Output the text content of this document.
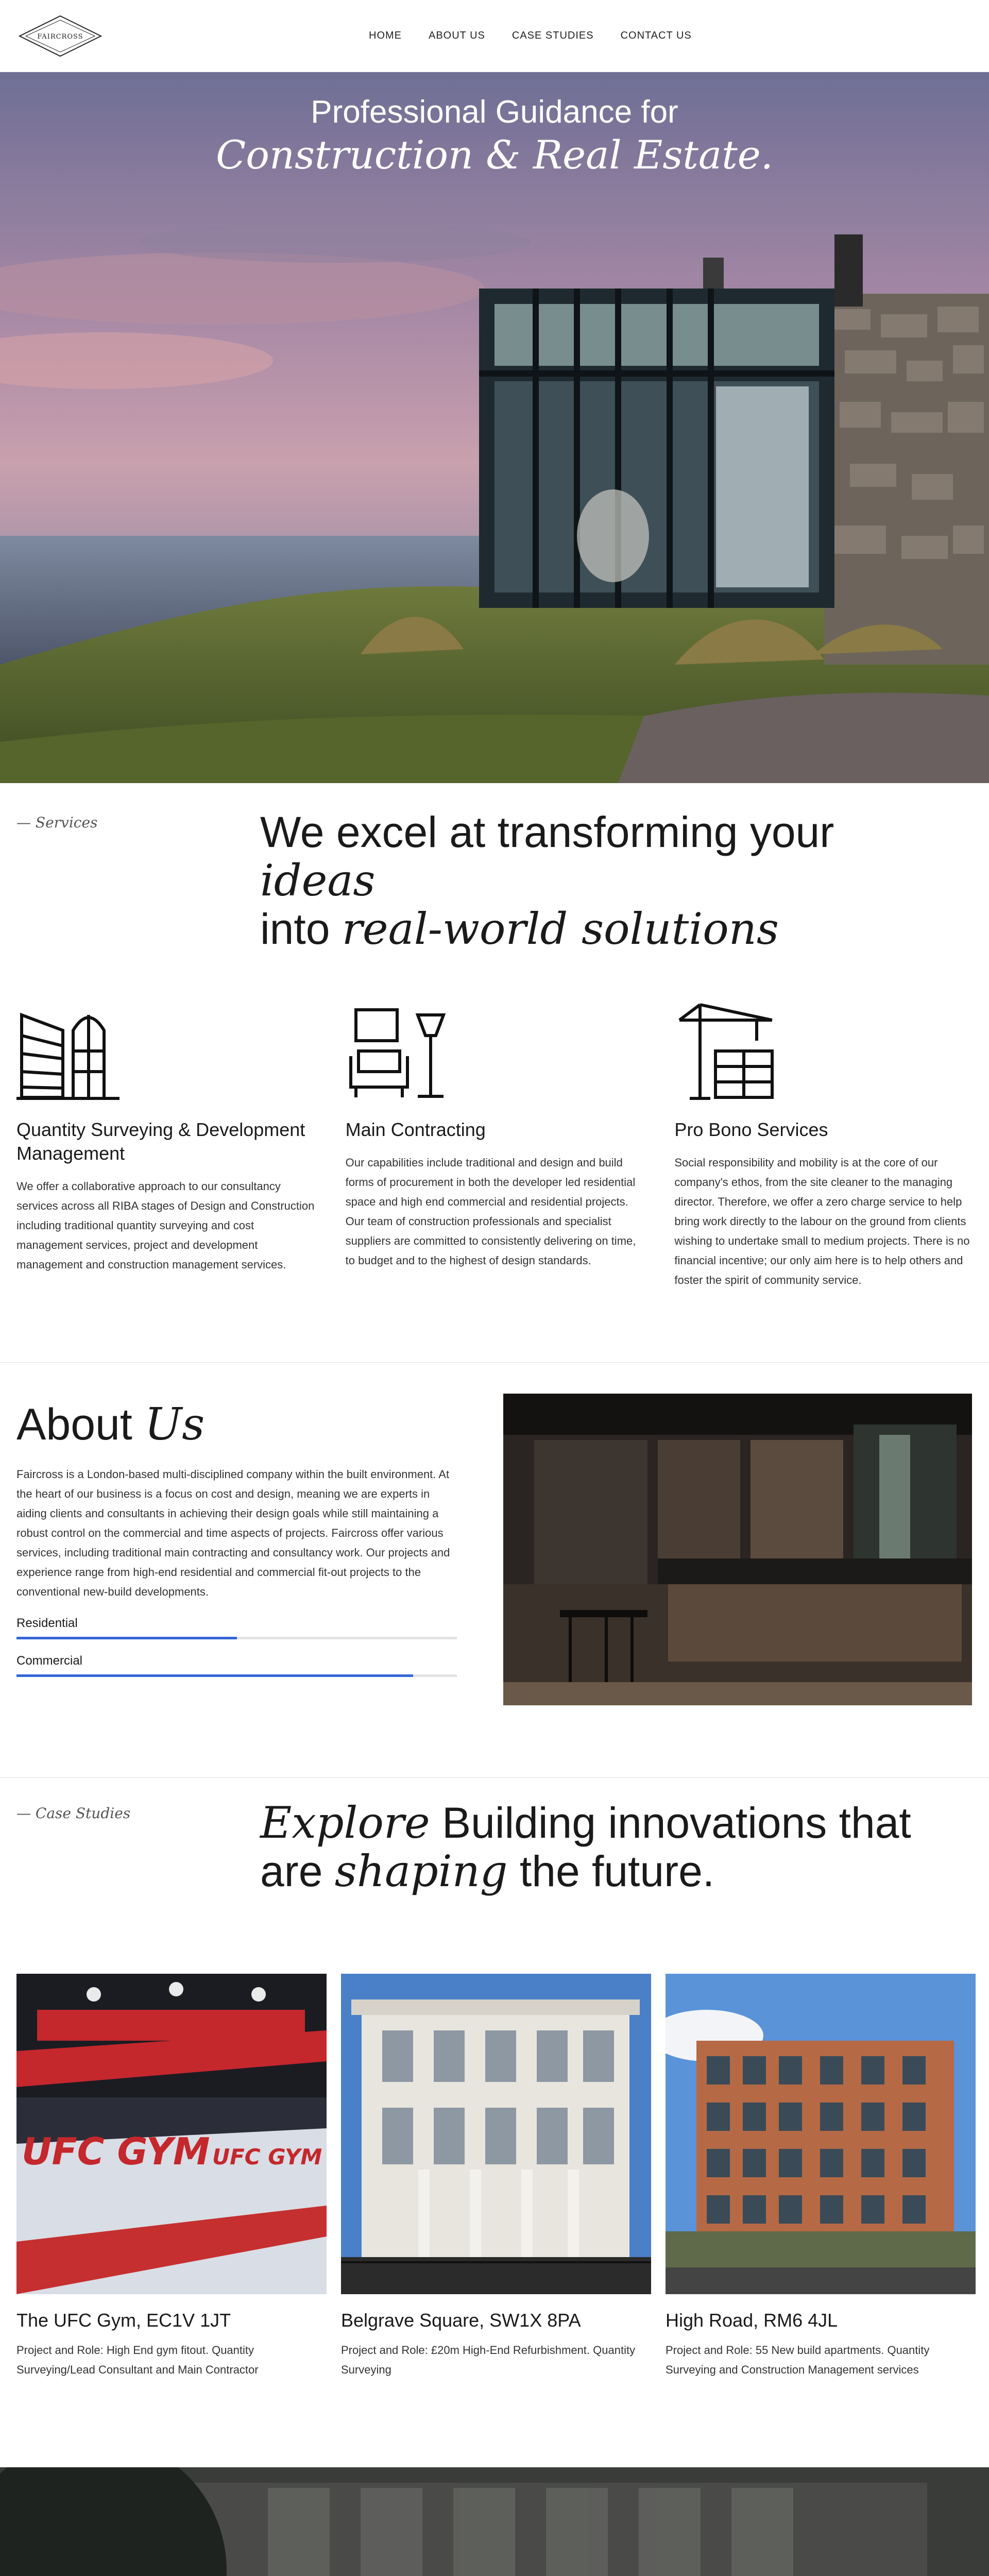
FAIRCROSS	HOME	ABOUT US	CASE STUDIES	CONTACT US
Professional Guidance for
Construction & Real Estate.
— Services	We excel at transforming your ideas
into real-world solutions
Quantity Surveying & Development Management

We offer a collaborative approach to our consultancy services across all RIBA stages of Design and Construction including traditional quantity surveying and cost management services, project and development management and construction management services.

Main Contracting

Our capabilities include traditional and design and build forms of procurement in both the developer led residential space and high end commercial and residential projects. Our team of construction professionals and specialist suppliers are committed to consistently delivering on time, to budget and to the highest of design standards.

Pro Bono Services

Social responsibility and mobility is at the core of our company's ethos, from the site cleaner to the managing director. Therefore, we offer a zero charge service to help bring work directly to the labour on the ground from clients wishing to undertake small to medium projects. There is no financial incentive; our only aim here is to help others and foster the spirit of community service.

About Us

Faircross is a London-based multi-disciplined company within the built environment. At the heart of our business is a focus on cost and design, meaning we are experts in aiding clients and consultants in achieving their design goals while still maintaining a robust control on the commercial and time aspects of projects. Faircross offer various services, including traditional main contracting and consultancy work. Our projects and experience range from high-end residential and commercial fit-out projects to the conventional new-build developments.

Residential
Commercial
— Case Studies	Explore Building innovations that are shaping the future.
UFC GYM UFC GYM
The UFC Gym, EC1V 1JT

Project and Role: High End gym fitout. Quantity Surveying/Lead Consultant and Main Contractor

Belgrave Square, SW1X 8PA

Project and Role: £20m High-End Refurbishment. Quantity Surveying

High Road, RM6 4JL

Project and Role: 55 New build apartments. Quantity Surveying and Construction Management services
